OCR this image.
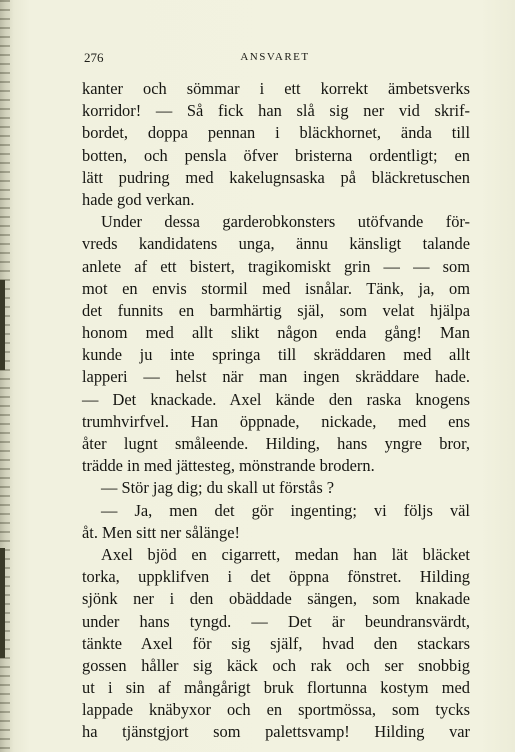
276	ANSVARET
kanter och sömmar i ett korrekt ämbetsverks
korridor! — Så fick han slå sig ner vid skrif-
bordet, doppa pennan i bläckhornet, ända till
botten, och pensla öfver bristerna ordentligt; en
lätt pudring med kakelugnsaska på bläckretuschen
hade god verkan.
Under dessa garderobkonsters utöfvande för-
vreds kandidatens unga, ännu känsligt talande
anlete af ett bistert, tragikomiskt grin — — som
mot en envis stormil med isnålar. Tänk, ja, om
det funnits en barmhärtig själ, som velat hjälpa
honom med allt slikt någon enda gång! Man
kunde ju inte springa till skräddaren med allt
lapperi — helst när man ingen skräddare hade.
— Det knackade. Axel kände den raska knogens
trumhvirfvel. Han öppnade, nickade, med ens
åter lugnt småleende. Hilding, hans yngre bror,
trädde in med jättesteg, mönstrande brodern.
— Stör jag dig; du skall ut förstås ?
— Ja, men det gör ingenting; vi följs väl
åt. Men sitt ner sålänge!
Axel bjöd en cigarrett, medan han lät bläcket
torka, uppklifven i det öppna fönstret. Hilding
sjönk ner i den obäddade sängen, som knakade
under hans tyngd. — Det är beundransvärdt,
tänkte Axel för sig själf, hvad den stackars
gossen håller sig käck och rak och ser snobbig
ut i sin af mångårigt bruk flortunna kostym med
lappade knäbyxor och en sportmössa, som tycks
ha tjänstgjort som palettsvamp! Hilding var
